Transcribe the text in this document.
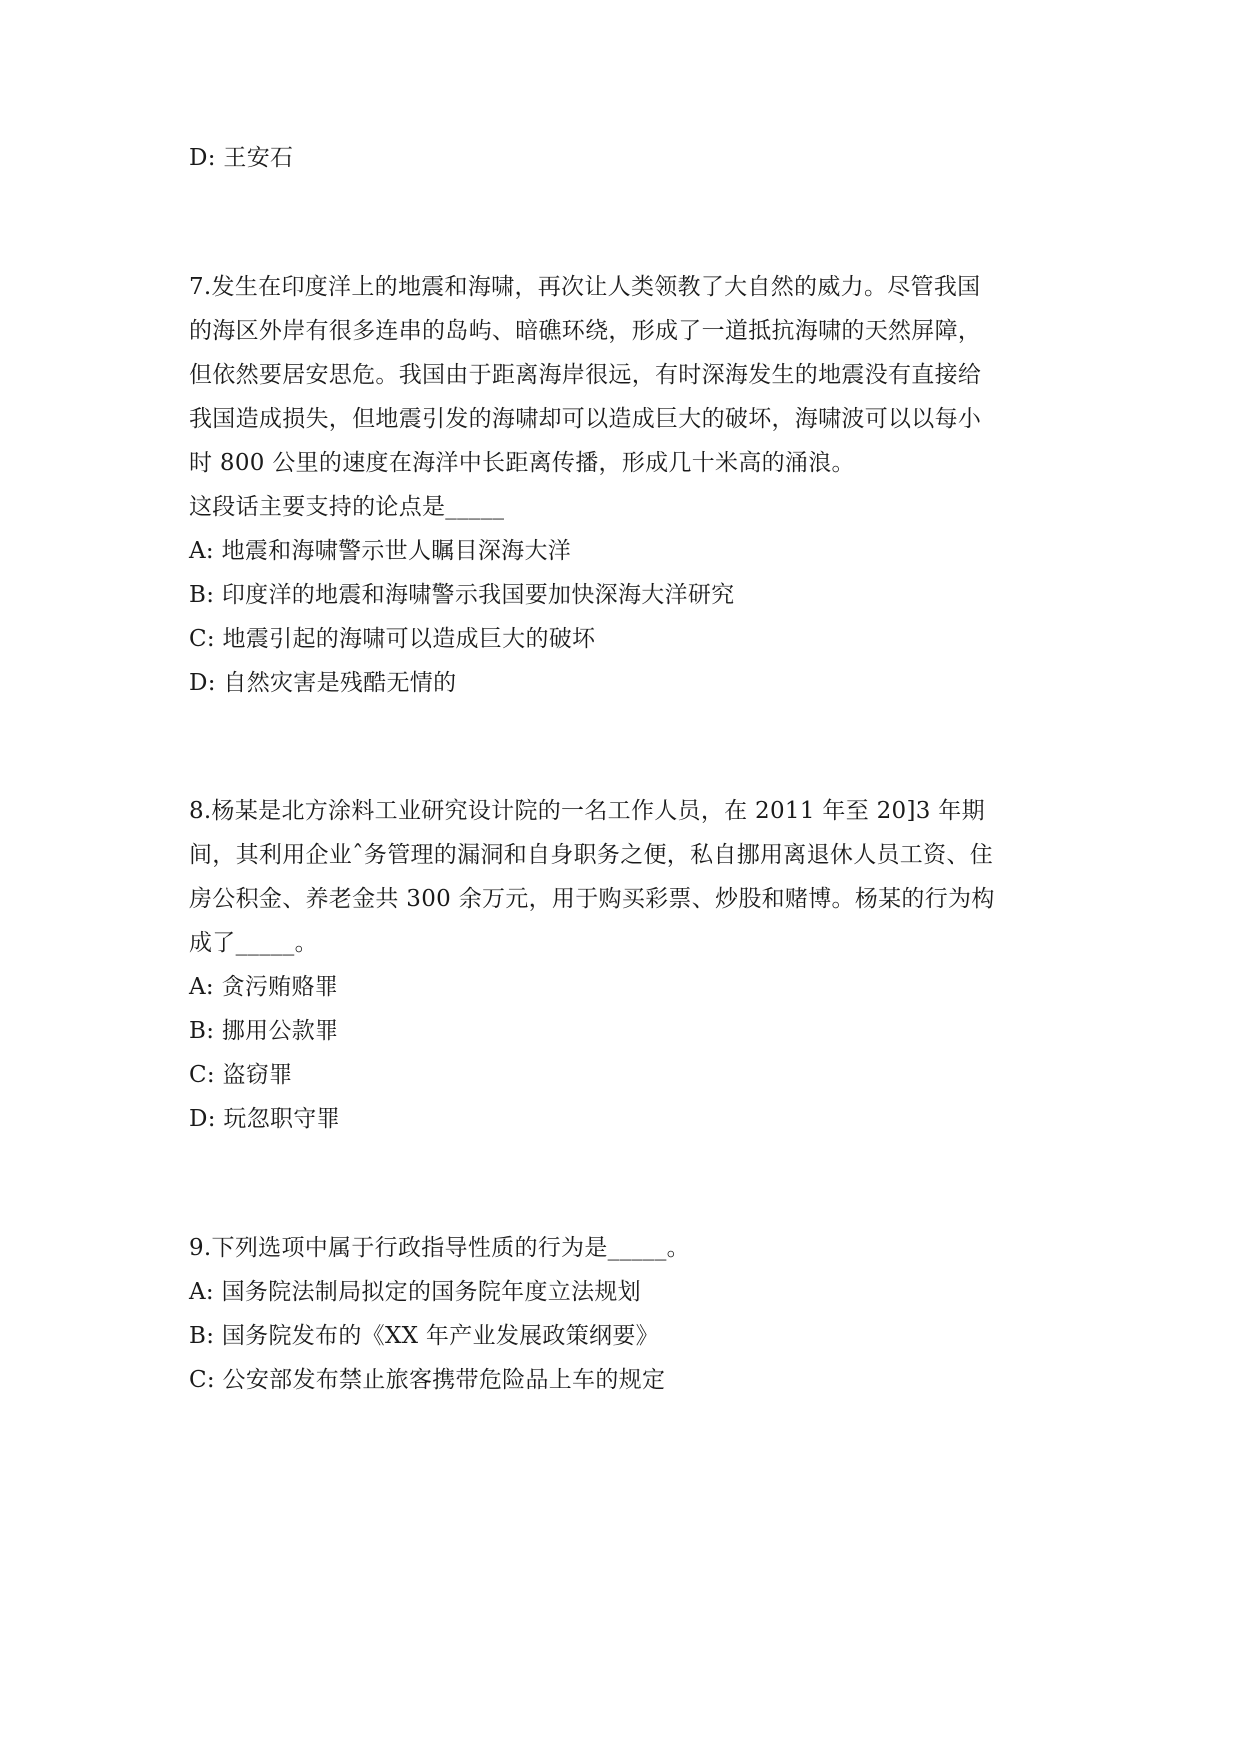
D: 王安石
7.发生在印度洋上的地震和海啸，再次让人类领教了大自然的威力。尽管我国
的海区外岸有很多连串的岛屿、暗礁环绕，形成了一道抵抗海啸的天然屏障，
但依然要居安思危。我国由于距离海岸很远，有时深海发生的地震没有直接给
我国造成损失，但地震引发的海啸却可以造成巨大的破坏，海啸波可以以每小
时 800 公里的速度在海洋中长距离传播，形成几十米高的涌浪。
这段话主要支持的论点是_____
A: 地震和海啸警示世人瞩目深海大洋
B: 印度洋的地震和海啸警示我国要加快深海大洋研究
C: 地震引起的海啸可以造成巨大的破坏
D: 自然灾害是残酷无情的
8.杨某是北方涂料工业研究设计院的一名工作人员，在 2011 年至 20]3 年期
间，其利用企业ˆ务管理的漏洞和自身职务之便，私自挪用离退休人员工资、住
房公积金、养老金共 300 余万元，用于购买彩票、炒股和赌博。杨某的行为构
成了_____。
A: 贪污贿赂罪
B: 挪用公款罪
C: 盗窃罪
D: 玩忽职守罪
9.下列选项中属于行政指导性质的行为是_____。
A: 国务院法制局拟定的国务院年度立法规划
B: 国务院发布的《XX 年产业发展政策纲要》
C: 公安部发布禁止旅客携带危险品上车的规定
